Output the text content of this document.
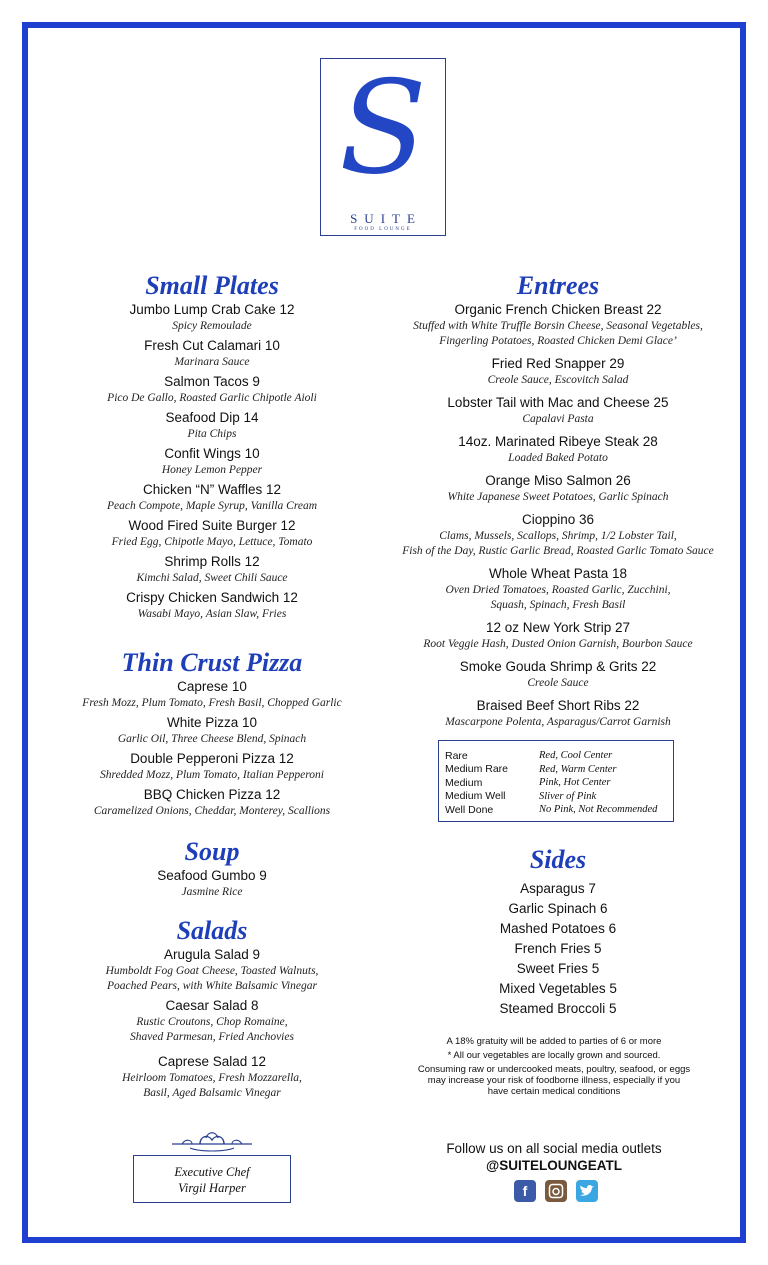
S
SUITE
FOOD LOUNGE
Small Plates

Jumbo Lump Crab Cake 12

Spicy Remoulade

Fresh Cut Calamari 10

Marinara Sauce

Salmon Tacos 9

Pico De Gallo, Roasted Garlic Chipotle Aioli

Seafood Dip 14

Pita Chips

Confit Wings 10

Honey Lemon Pepper

Chicken “N” Waffles 12

Peach Compote, Maple Syrup, Vanilla Cream

Wood Fired Suite Burger 12

Fried Egg, Chipotle Mayo, Lettuce, Tomato

Shrimp Rolls 12

Kimchi Salad, Sweet Chili Sauce

Crispy Chicken Sandwich 12

Wasabi Mayo, Asian Slaw, Fries

Thin Crust Pizza

Caprese 10

Fresh Mozz, Plum Tomato, Fresh Basil, Chopped Garlic

White Pizza 10

Garlic Oil, Three Cheese Blend, Spinach

Double Pepperoni Pizza 12

Shredded Mozz, Plum Tomato, Italian Pepperoni

BBQ Chicken Pizza 12

Caramelized Onions, Cheddar, Monterey, Scallions

Soup

Seafood Gumbo 9

Jasmine Rice

Salads

Arugula Salad 9

Humboldt Fog Goat Cheese, Toasted Walnuts,

Poached Pears, with White Balsamic Vinegar

Caesar Salad 8

Rustic Croutons, Chop Romaine,

Shaved Parmesan, Fried Anchovies

Caprese Salad 12

Heirloom Tomatoes, Fresh Mozzarella,

Basil, Aged Balsamic Vinegar

Executive Chef
Virgil Harper
Entrees

Organic French Chicken Breast 22

Stuffed with White Truffle Borsin Cheese, Seasonal Vegetables,

Fingerling Potatoes, Roasted Chicken Demi Glace’

Fried Red Snapper 29

Creole Sauce, Escovitch Salad

Lobster Tail with Mac and Cheese 25

Capalavi Pasta

14oz. Marinated Ribeye Steak 28

Loaded Baked Potato

Orange Miso Salmon 26

White Japanese Sweet Potatoes, Garlic Spinach

Cioppino 36

Clams, Mussels, Scallops, Shrimp, 1/2 Lobster Tail,

Fish of the Day, Rustic Garlic Bread, Roasted Garlic Tomato Sauce

Whole Wheat Pasta 18

Oven Dried Tomatoes, Roasted Garlic, Zucchini,

Squash, Spinach, Fresh Basil

12 oz New York Strip 27

Root Veggie Hash, Dusted Onion Garnish, Bourbon Sauce

Smoke Gouda Shrimp & Grits 22

Creole Sauce

Braised Beef Short Ribs 22

Mascarpone Polenta, Asparagus/Carrot Garnish

Rare	Red, Cool Center
Medium Rare	Red, Warm Center
Medium	Pink, Hot Center
Medium Well	Sliver of Pink
Well Done	No Pink, Not Recommended
Sides

Asparagus 7

Garlic Spinach 6

Mashed Potatoes 6

French Fries 5

Sweet Fries 5

Mixed Vegetables 5

Steamed Broccoli 5

A 18% gratuity will be added to parties of 6 or more

* All our vegetables are locally grown and sourced.

Consuming raw or undercooked meats, poultry, seafood, or eggs
may increase your risk of foodborne illness, especially if you
have certain medical conditions
Follow us on all social media outlets
@SUITELOUNGEATL
f
